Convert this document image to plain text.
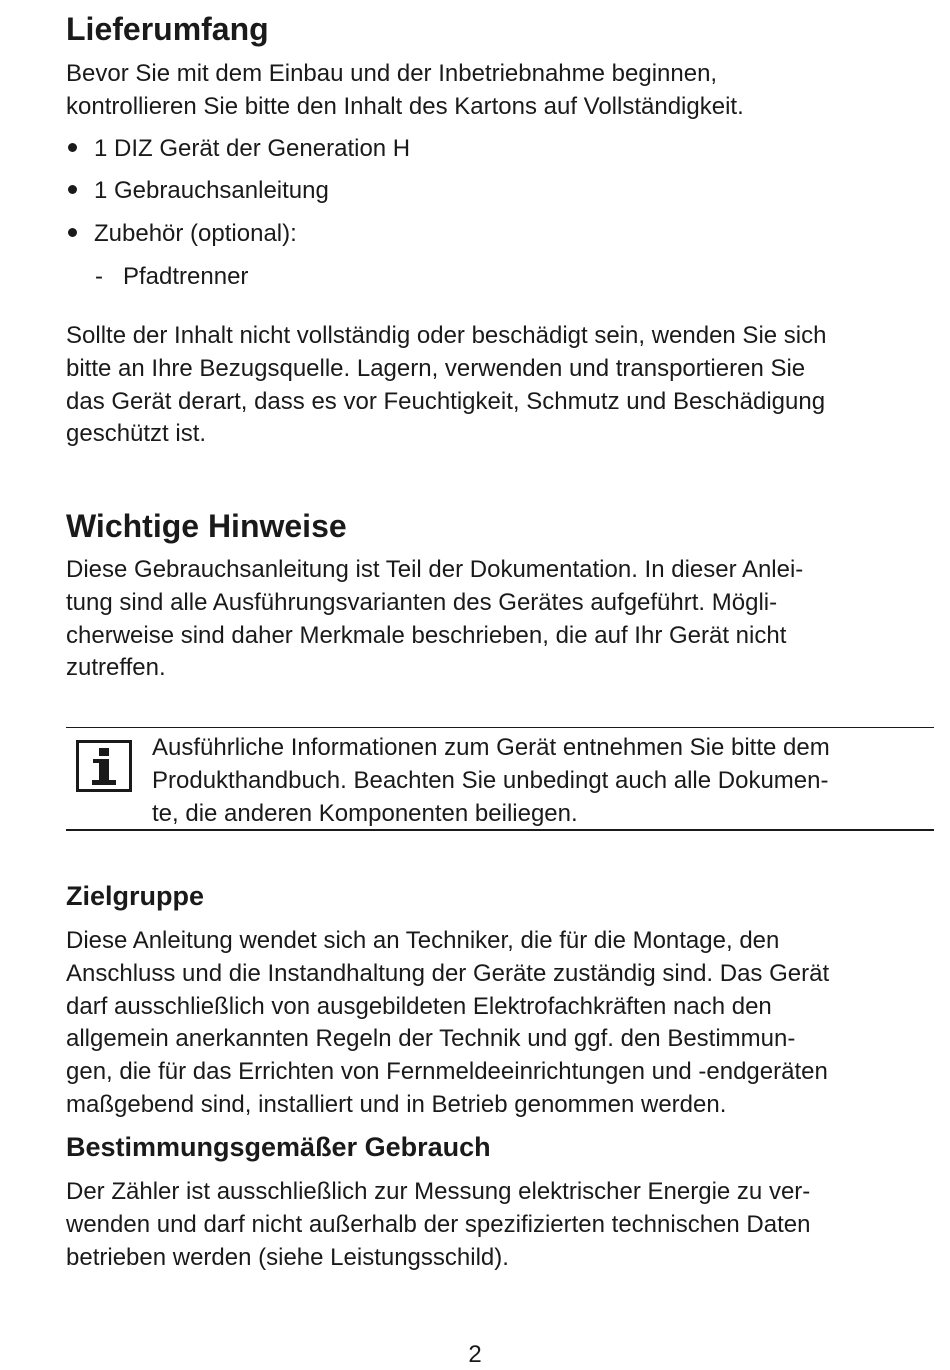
Lieferumfang
Bevor Sie mit dem Einbau und der Inbetriebnahme beginnen,
kontrollieren Sie bitte den Inhalt des Kartons auf Vollständigkeit.
1 DIZ Gerät der Generation H
1 Gebrauchsanleitung
Zubehör (optional):
- Pfadtrenner
Sollte der Inhalt nicht vollständig oder beschädigt sein, wenden Sie sich
bitte an Ihre Bezugsquelle. Lagern, verwenden und transportieren Sie
das Gerät derart, dass es vor Feuchtigkeit, Schmutz und Beschädigung
geschützt ist.
Wichtige Hinweise
Diese Gebrauchsanleitung ist Teil der Dokumentation. In dieser Anlei-
tung sind alle Ausführungsvarianten des Gerätes aufgeführt. Mögli-
cherweise sind daher Merkmale beschrieben, die auf Ihr Gerät nicht
zutreffen.
Ausführliche Informationen zum Gerät entnehmen Sie bitte dem
Produkthandbuch. Beachten Sie unbedingt auch alle Dokumen-
te, die anderen Komponenten beiliegen.
Zielgruppe
Diese Anleitung wendet sich an Techniker, die für die Montage, den
Anschluss und die Instandhaltung der Geräte zuständig sind. Das Gerät
darf ausschließlich von ausgebildeten Elektrofachkräften nach den
allgemein anerkannten Regeln der Technik und ggf. den Bestimmun-
gen, die für das Errichten von Fernmeldeeinrichtungen und -endgeräten
maßgebend sind, installiert und in Betrieb genommen werden.
Bestimmungsgemäßer Gebrauch
Der Zähler ist ausschließlich zur Messung elektrischer Energie zu ver-
wenden und darf nicht außerhalb der spezifizierten technischen Daten
betrieben werden (siehe Leistungsschild).
2
